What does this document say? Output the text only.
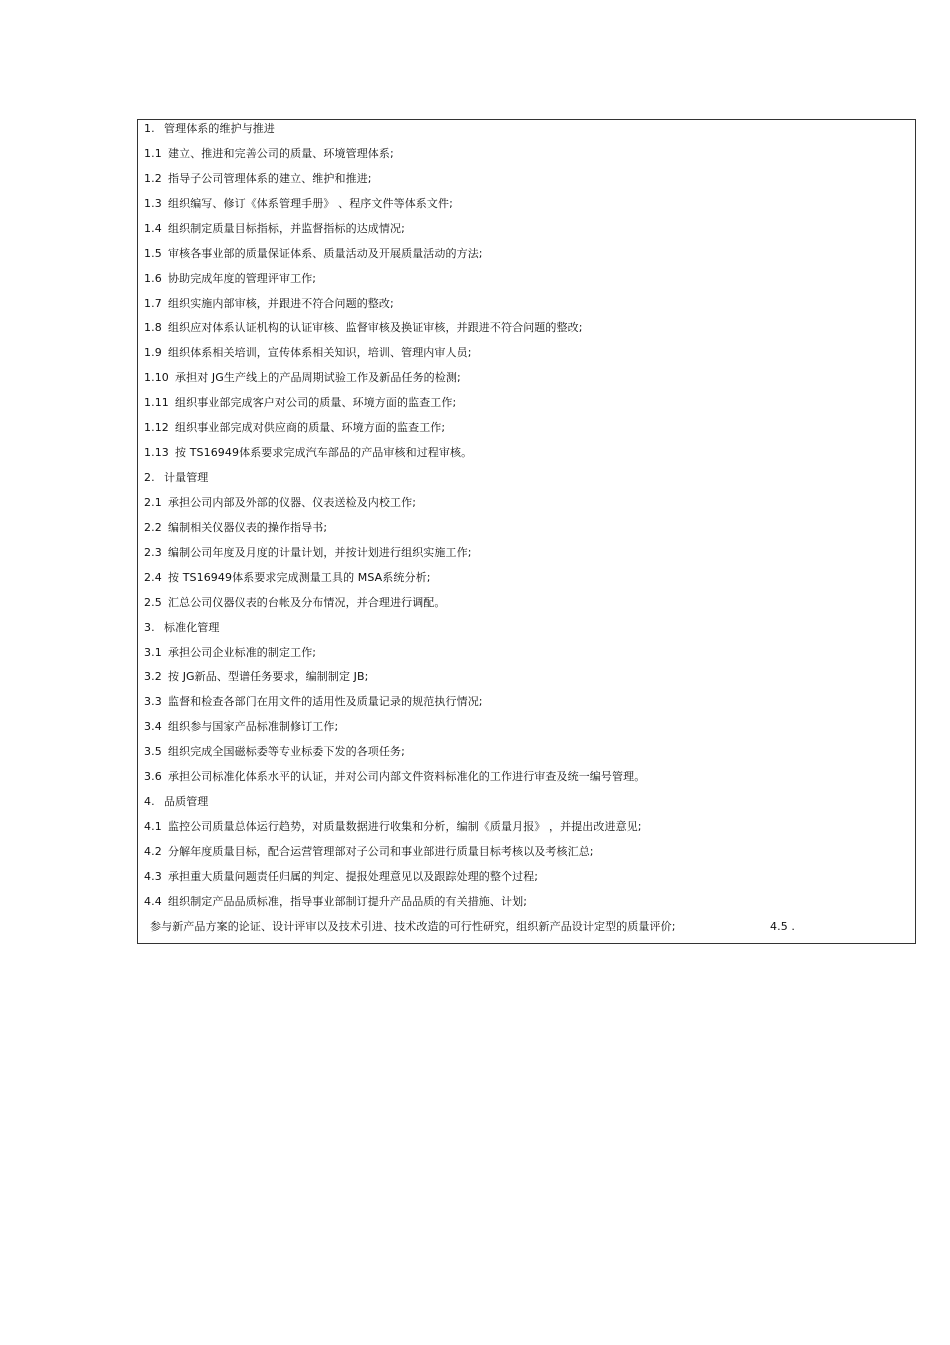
1. 管理体系的维护与推进
1.1 建立、推进和完善公司的质量、环境管理体系;
1.2 指导子公司管理体系的建立、维护和推进;
1.3 组织编写、修订《体系管理手册》 、程序文件等体系文件;
1.4 组织制定质量目标指标，并监督指标的达成情况;
1.5 审核各事业部的质量保证体系、质量活动及开展质量活动的方法;
1.6 协助完成年度的管理评审工作;
1.7 组织实施内部审核，并跟进不符合问题的整改;
1.8 组织应对体系认证机构的认证审核、监督审核及换证审核，并跟进不符合问题的整改;
1.9 组织体系相关培训，宣传体系相关知识，培训、管理内审人员;
1.10 承担对 JG生产线上的产品周期试验工作及新品任务的检测;
1.11 组织事业部完成客户对公司的质量、环境方面的监查工作;
1.12 组织事业部完成对供应商的质量、环境方面的监查工作;
1.13 按 TS16949体系要求完成汽车部品的产品审核和过程审核。
2. 计量管理
2.1 承担公司内部及外部的仪器、仪表送检及内校工作;
2.2 编制相关仪器仪表的操作指导书;
2.3 编制公司年度及月度的计量计划，并按计划进行组织实施工作;
2.4 按 TS16949体系要求完成测量工具的 MSA系统分析;
2.5 汇总公司仪器仪表的台帐及分布情况，并合理进行调配。
3. 标准化管理
3.1 承担公司企业标准的制定工作;
3.2 按 JG新品、型谱任务要求，编制制定 JB;
3.3 监督和检查各部门在用文件的适用性及质量记录的规范执行情况;
3.4 组织参与国家产品标准制修订工作;
3.5 组织完成全国磁标委等专业标委下发的各项任务;
3.6 承担公司标准化体系水平的认证，并对公司内部文件资料标准化的工作进行审查及统一编号管理。
4. 品质管理
4.1 监控公司质量总体运行趋势，对质量数据进行收集和分析，编制《质量月报》 ，并提出改进意见;
4.2 分解年度质量目标，配合运营管理部对子公司和事业部进行质量目标考核以及考核汇总;
4.3 承担重大质量问题责任归属的判定、提报处理意见以及跟踪处理的整个过程;
4.4 组织制定产品品质标准，指导事业部制订提升产品品质的有关措施、计划;
参与新产品方案的论证、设计评审以及技术引进、技术改造的可行性研究，组织新产品设计定型的质量评价;	4.5 .
